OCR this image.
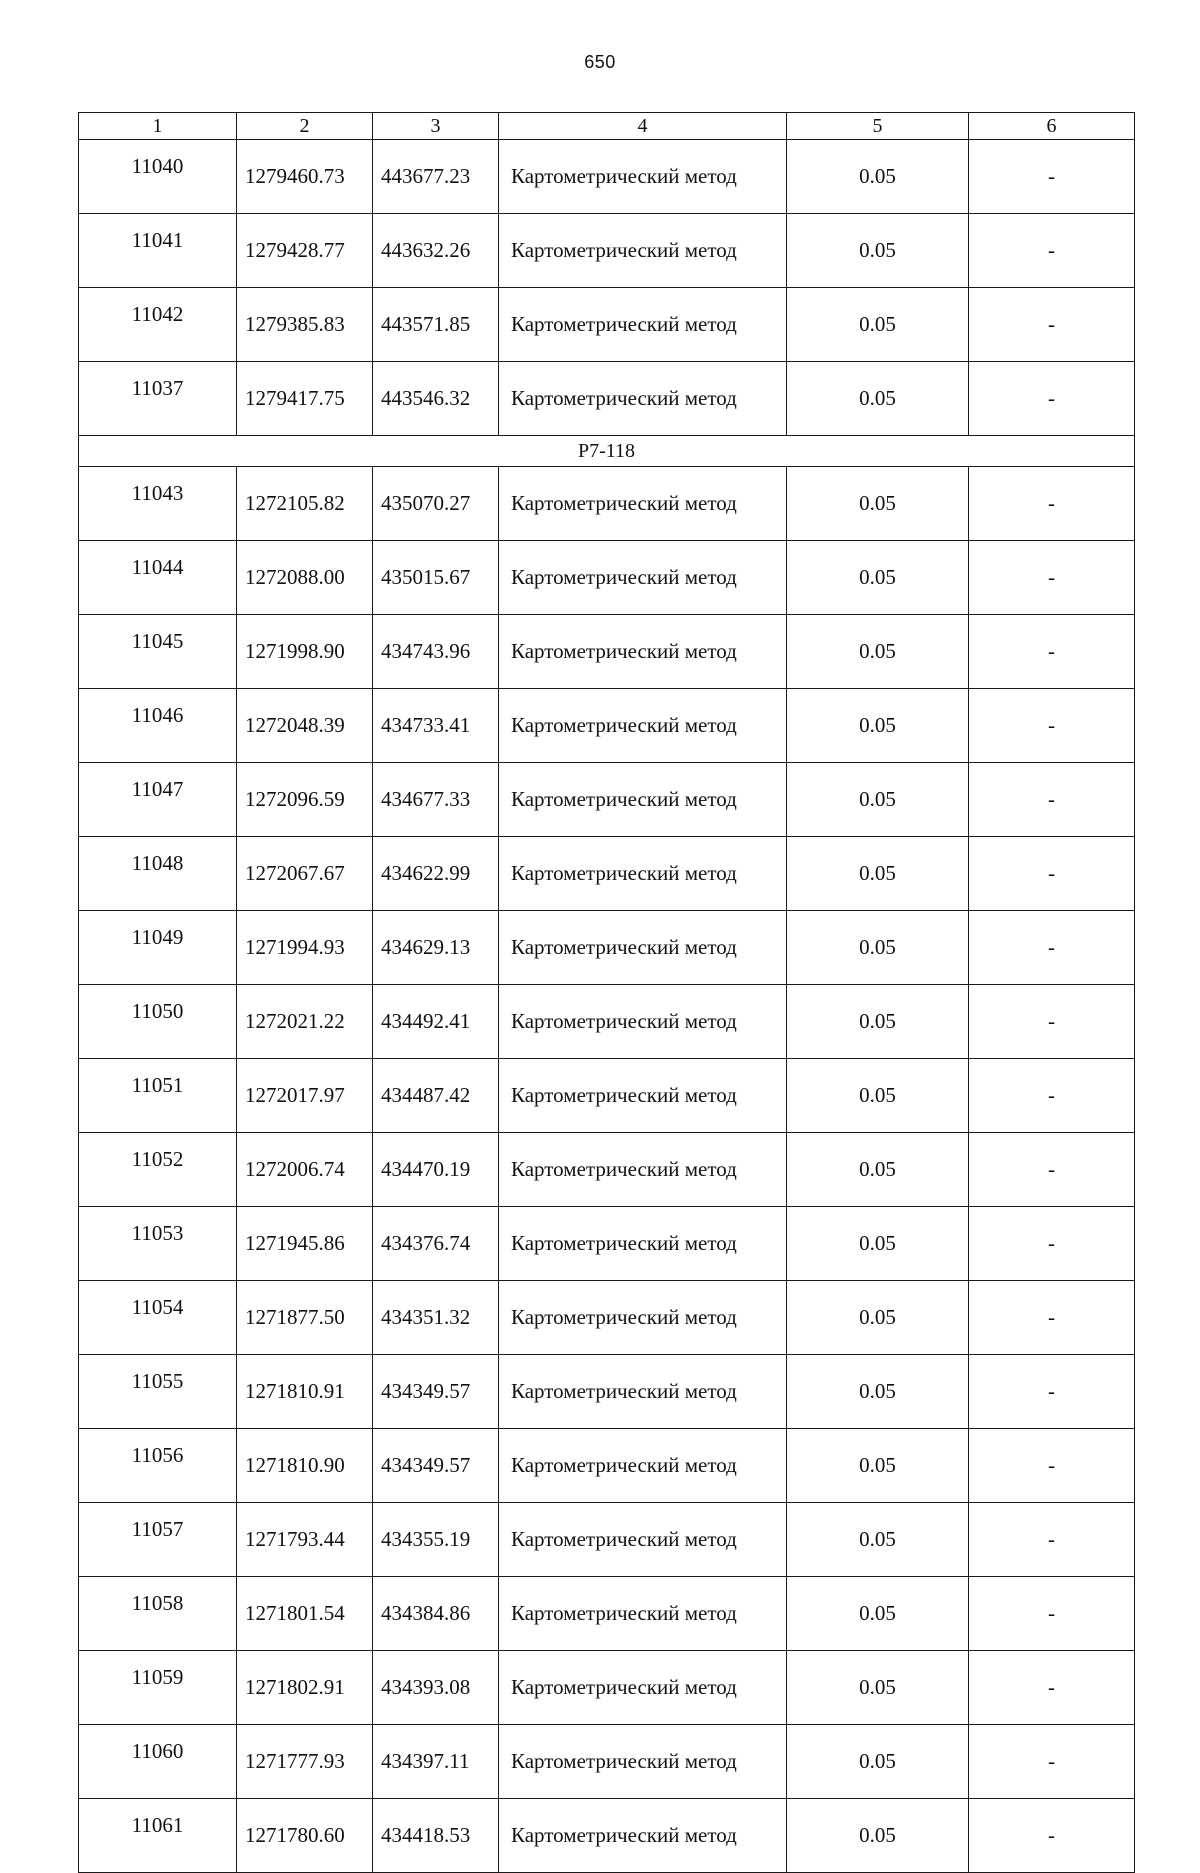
650
1	2	3	4	5	6
11040	1279460.73	443677.23	Картометрический метод	0.05	-
11041	1279428.77	443632.26	Картометрический метод	0.05	-
11042	1279385.83	443571.85	Картометрический метод	0.05	-
11037	1279417.75	443546.32	Картометрический метод	0.05	-
Р7-118					
11043	1272105.82	435070.27	Картометрический метод	0.05	-
11044	1272088.00	435015.67	Картометрический метод	0.05	-
11045	1271998.90	434743.96	Картометрический метод	0.05	-
11046	1272048.39	434733.41	Картометрический метод	0.05	-
11047	1272096.59	434677.33	Картометрический метод	0.05	-
11048	1272067.67	434622.99	Картометрический метод	0.05	-
11049	1271994.93	434629.13	Картометрический метод	0.05	-
11050	1272021.22	434492.41	Картометрический метод	0.05	-
11051	1272017.97	434487.42	Картометрический метод	0.05	-
11052	1272006.74	434470.19	Картометрический метод	0.05	-
11053	1271945.86	434376.74	Картометрический метод	0.05	-
11054	1271877.50	434351.32	Картометрический метод	0.05	-
11055	1271810.91	434349.57	Картометрический метод	0.05	-
11056	1271810.90	434349.57	Картометрический метод	0.05	-
11057	1271793.44	434355.19	Картометрический метод	0.05	-
11058	1271801.54	434384.86	Картометрический метод	0.05	-
11059	1271802.91	434393.08	Картометрический метод	0.05	-
11060	1271777.93	434397.11	Картометрический метод	0.05	-
11061	1271780.60	434418.53	Картометрический метод	0.05	-
